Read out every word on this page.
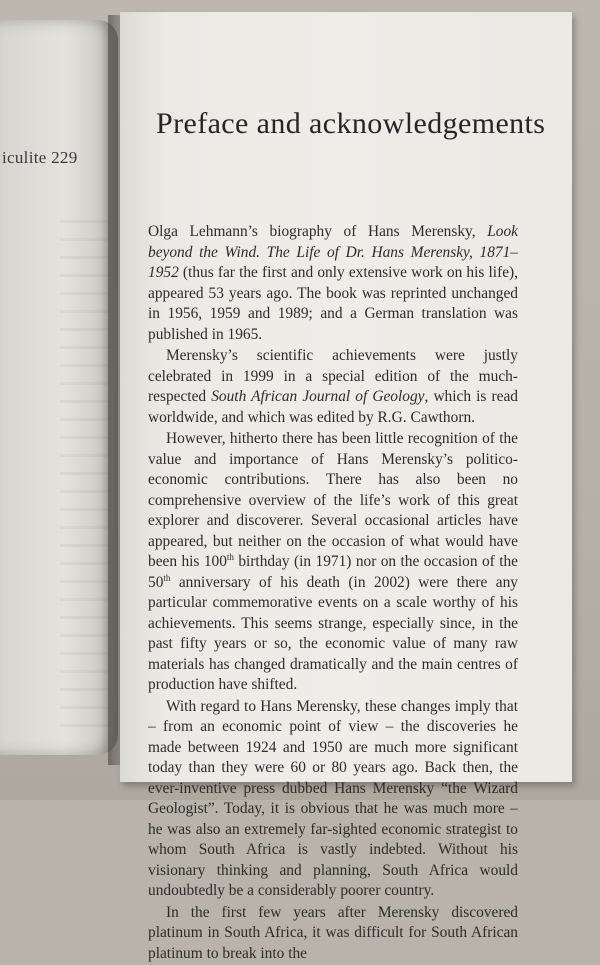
iculite 229
Preface and acknowledgements

Olga Lehmann’s biography of Hans Merensky, Look beyond the Wind. The Life of Dr. Hans Merensky, 1871–1952 (thus far the first and only extensive work on his life), appeared 53 years ago. The book was reprinted unchanged in 1956, 1959 and 1989; and a German translation was published in 1965.

Merensky’s scientific achievements were justly celebrated in 1999 in a special edition of the much-respected South African Journal of Geology, which is read worldwide, and which was edited by R.G. Cawthorn.

However, hitherto there has been little recognition of the value and importance of Hans Merensky’s politico-economic contributions. There has also been no comprehensive overview of the life’s work of this great explorer and discoverer. Several occasional articles have appeared, but neither on the occasion of what would have been his 100th birthday (in 1971) nor on the occasion of the 50th anniversary of his death (in 2002) were there any particular commemorative events on a scale worthy of his achievements. This seems strange, especially since, in the past fifty years or so, the economic value of many raw materials has changed dramatically and the main centres of production have shifted.

With regard to Hans Merensky, these changes imply that – from an economic point of view – the discoveries he made between 1924 and 1950 are much more significant today than they were 60 or 80 years ago. Back then, the ever-inventive press dubbed Hans Merensky “the Wizard Geologist”. Today, it is obvious that he was much more – he was also an extremely far-sighted economic strategist to whom South Africa is vastly indebted. Without his visionary thinking and planning, South Africa would undoubtedly be a considerably poorer country.

In the first few years after Merensky discovered platinum in South Africa, it was difficult for South African platinum to break into the
